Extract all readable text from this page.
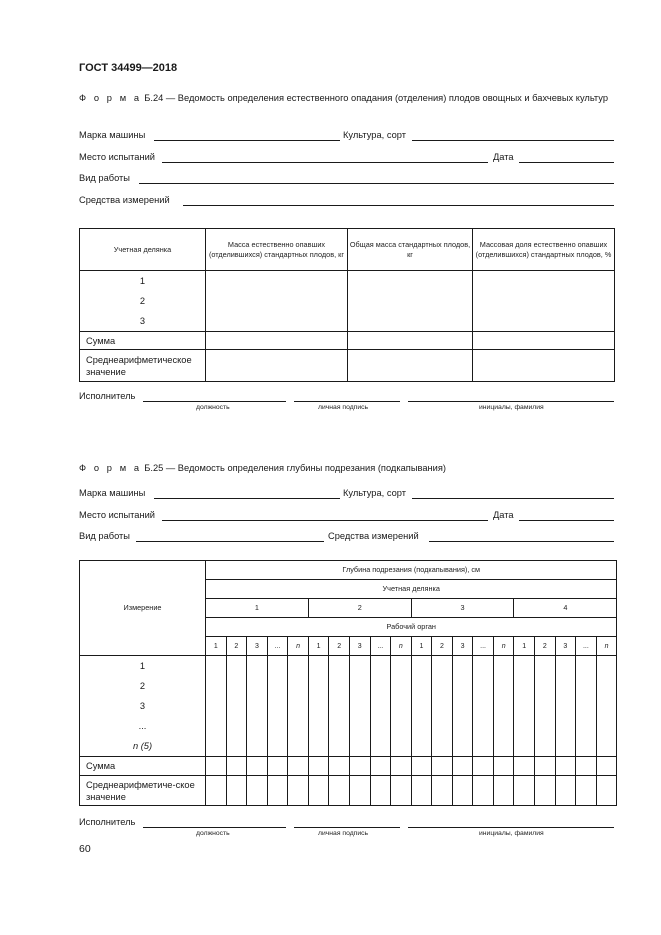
ГОСТ 34499—2018
Ф о р м а Б.24 — Ведомость определения естественного опадания (отделения) плодов овощных и бахчевых культур
Марка машины	Культура, сорт
Место испытаний	Дата
Вид работы
Средства измерений
Учетная делянка	Масса естественно опавших (отделившихся) стандартных плодов, кг	Общая масса стандартных плодов, кг	Массовая доля естественно опавших (отделившихся) стандартных плодов, %

1
2
3			

Сумма			
Среднеарифметическое значение			
Исполнитель
должность	личная подпись	инициалы, фамилия
Ф о р м а Б.25 — Ведомость определения глубины подрезания (подкапывания)
Марка машины	Культура, сорт
Место испытаний	Дата
Вид работы	Средства измерений
Измерение	Глубина подрезания (подкапывания), см																			
	Учетная делянка																			
	1					2					3					4				
	Рабочий орган																			
	1	2	3	...	n	1	2	3	...	n	1	2	3	...	n	1	2	3	...	n

1
2
3
...
n (5)																				

Сумма																				
Среднеарифметиче-ское значение																				
Исполнитель
должность	личная подпись	инициалы, фамилия
60
